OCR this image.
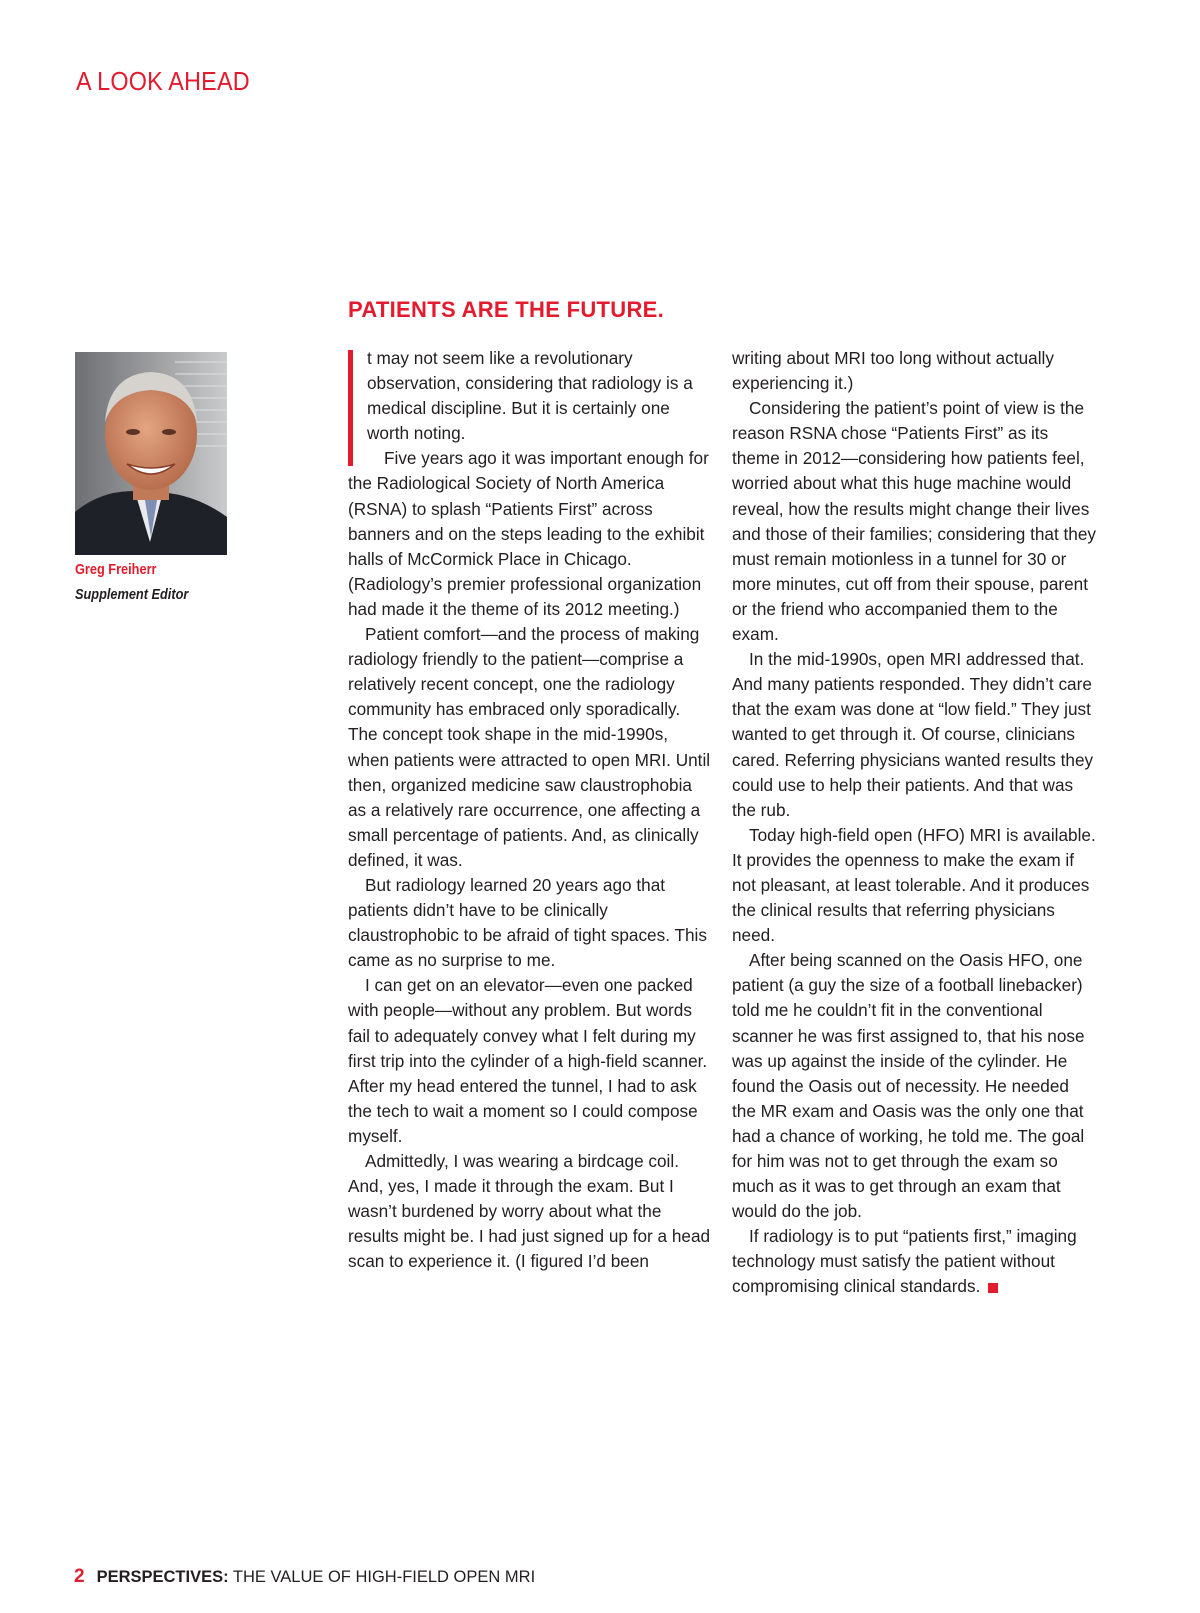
A LOOK AHEAD
PATIENTS ARE THE FUTURE.
Greg Freiherr
Supplement Editor

t may not seem like a revolutionary observation, considering that radiology is a medical discipline. But it is certainly one worth noting.

Five years ago it was important enough for the Radiological Society of North America (RSNA) to splash “Patients First” across banners and on the steps leading to the exhibit halls of McCormick Place in Chicago. (Radiology’s premier professional organization had made it the theme of its 2012 meeting.)

Patient comfort—and the process of making radiology friendly to the patient—comprise a relatively recent concept, one the radiology community has embraced only sporadically. The concept took shape in the mid-1990s, when patients were attracted to open MRI. Until then, organized medicine saw claustrophobia as a relatively rare occurrence, one affecting a small percentage of patients. And, as clinically defined, it was.

But radiology learned 20 years ago that patients didn’t have to be clinically claustrophobic to be afraid of tight spaces. This came as no surprise to me.

I can get on an elevator—even one packed with people—without any problem. But words fail to adequately convey what I felt during my first trip into the cylinder of a high-field scanner. After my head entered the tunnel, I had to ask the tech to wait a moment so I could compose myself.

Admittedly, I was wearing a birdcage coil. And, yes, I made it through the exam. But I wasn’t burdened by worry about what the results might be. I had just signed up for a head scan to experience it. (I figured I’d been

writing about MRI too long without actually experiencing it.)

Considering the patient’s point of view is the reason RSNA chose “Patients First” as its theme in 2012—considering how patients feel, worried about what this huge machine would reveal, how the results might change their lives and those of their families; considering that they must remain motionless in a tunnel for 30 or more minutes, cut off from their spouse, parent or the friend who accompanied them to the exam.

In the mid-1990s, open MRI addressed that. And many patients responded. They didn’t care that the exam was done at “low field.” They just wanted to get through it. Of course, clinicians cared. Referring physicians wanted results they could use to help their patients. And that was the rub.

Today high-field open (HFO) MRI is available. It provides the openness to make the exam if not pleasant, at least tolerable. And it produces the clinical results that referring physicians need.

After being scanned on the Oasis HFO, one patient (a guy the size of a football linebacker) told me he couldn’t fit in the conventional scanner he was first assigned to, that his nose was up against the inside of the cylinder. He found the Oasis out of necessity. He needed the MR exam and Oasis was the only one that had a chance of working, he told me. The goal for him was not to get through the exam so much as it was to get through an exam that would do the job.

If radiology is to put “patients first,” imaging technology must satisfy the patient without compromising clinical standards.

2 PERSPECTIVES: THE VALUE OF HIGH-FIELD OPEN MRI
